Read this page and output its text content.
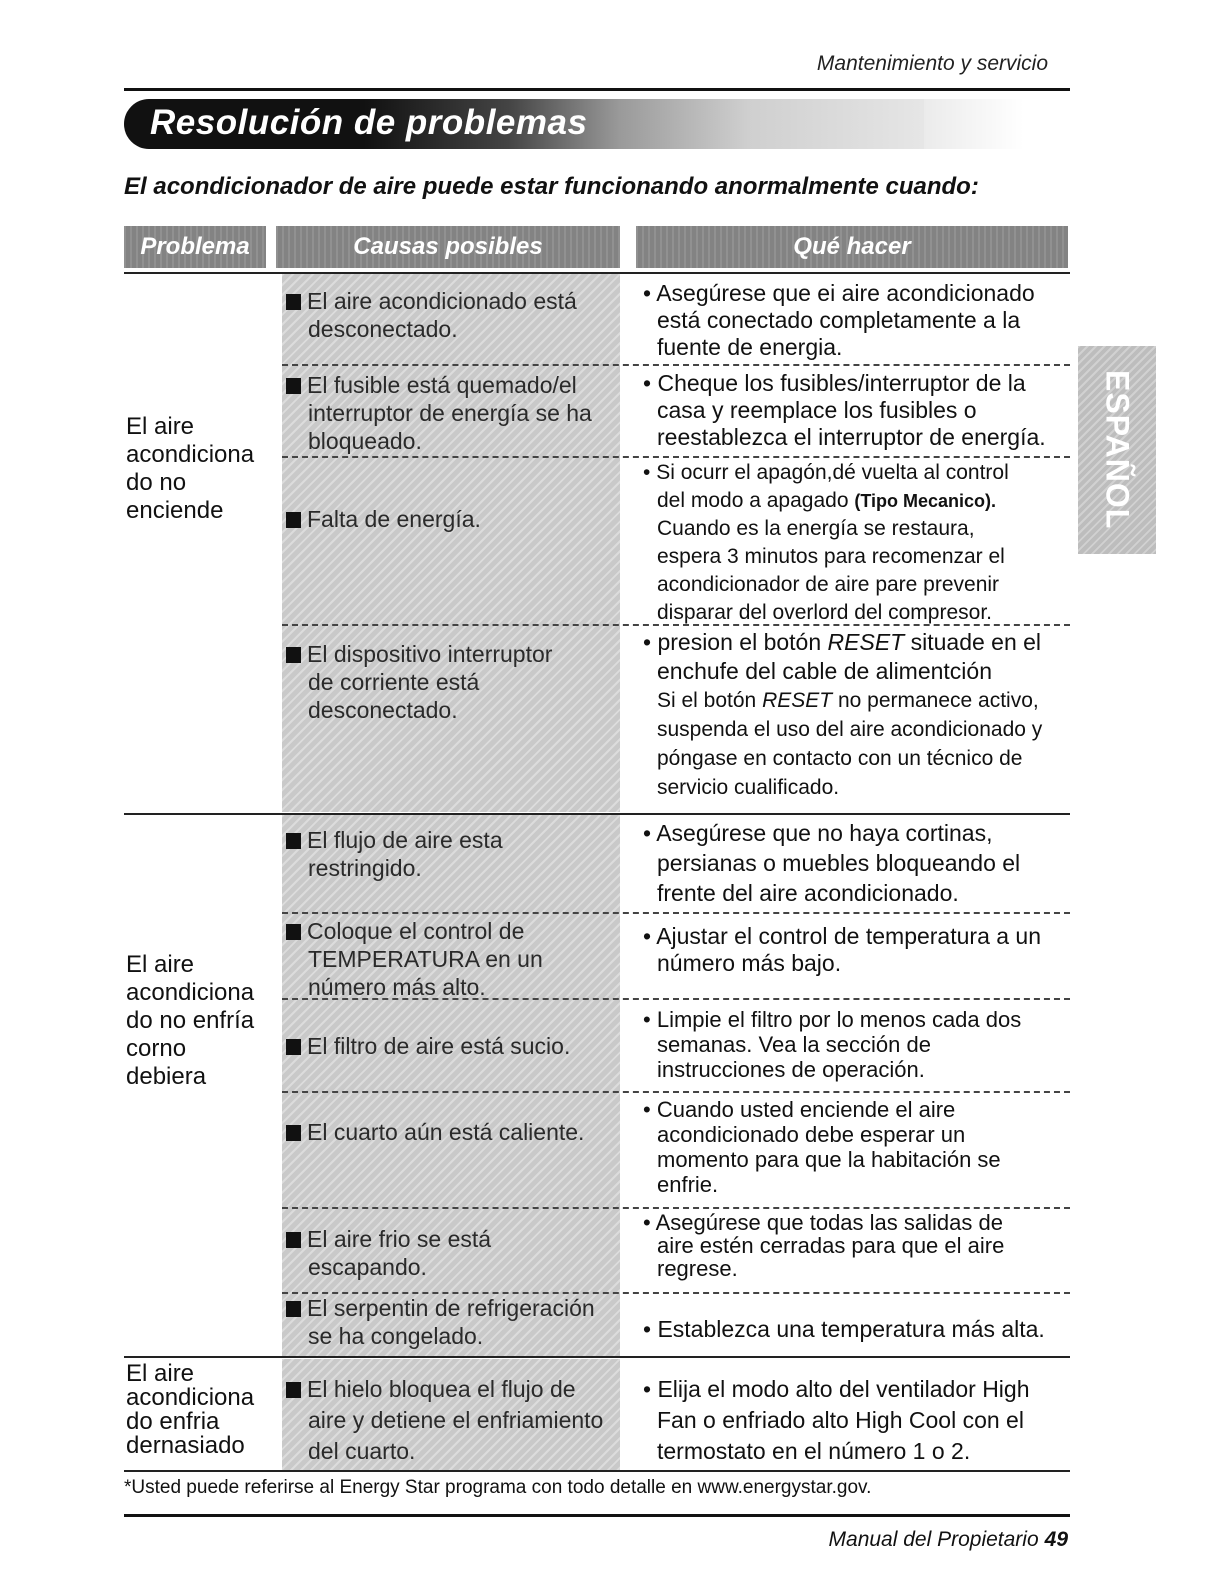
Mantenimiento y servicio
Resolución de problemas
El acondicionador de aire puede estar funcionando anormalmente cuando:
Problema	Causas posibles	Qué hacer
ESPAÑOL
El aire
acondiciona
do no
enciende
El aire
acondiciona
do no enfría
corno
debiera
El aire
acondiciona
do enfria
dernasiado
El aire acondicionado está
desconectado.
El fusible está quemado/el
interruptor de energía se ha
bloqueado.
Falta de energía.
El dispositivo interruptor
de corriente está
desconectado.
• Asegúrese que ei aire acondicionado
está conectado completamente a la
fuente de energia.
• Cheque los fusibles/interruptor de la
casa y reemplace los fusibles o
reestablezca el interruptor de energía.
• Si ocurr el apagón,dé vuelta al control
del modo a apagado (Tipo Mecanico).
Cuando es la energía se restaura,
espera 3 minutos para recomenzar el
acondicionador de aire pare prevenir
disparar del overlord del compresor.
• presion el botón RESET situade en el
enchufe del cable de alimentción
Si el botón RESET no permanece activo,
suspenda el uso del aire acondicionado y
póngase en contacto con un técnico de
servicio cualificado.
El flujo de aire esta
restringido.
Coloque el control de
TEMPERATURA en un
número más alto.
El filtro de aire está sucio.
El cuarto aún está caliente.
El aire frio se está
escapando.
El serpentin de refrigeración
se ha congelado.
• Asegúrese que no haya cortinas,
persianas o muebles bloqueando el
frente del aire acondicionado.
• Ajustar el control de temperatura a un
número más bajo.
• Limpie el filtro por lo menos cada dos
semanas. Vea la sección de
instrucciones de operación.
• Cuando usted enciende el aire
acondicionado debe esperar un
momento para que la habitación se
enfrie.
• Asegúrese que todas las salidas de
aire estén cerradas para que el aire
regrese.
• Establezca una temperatura más alta.
El hielo bloquea el flujo de
aire y detiene el enfriamiento
del cuarto.
• Elija el modo alto del ventilador High
Fan o enfriado alto High Cool con el
termostato en el número 1 o 2.
*Usted puede referirse al Energy Star programa con todo detalle en www.energystar.gov.
Manual del Propietario 49
